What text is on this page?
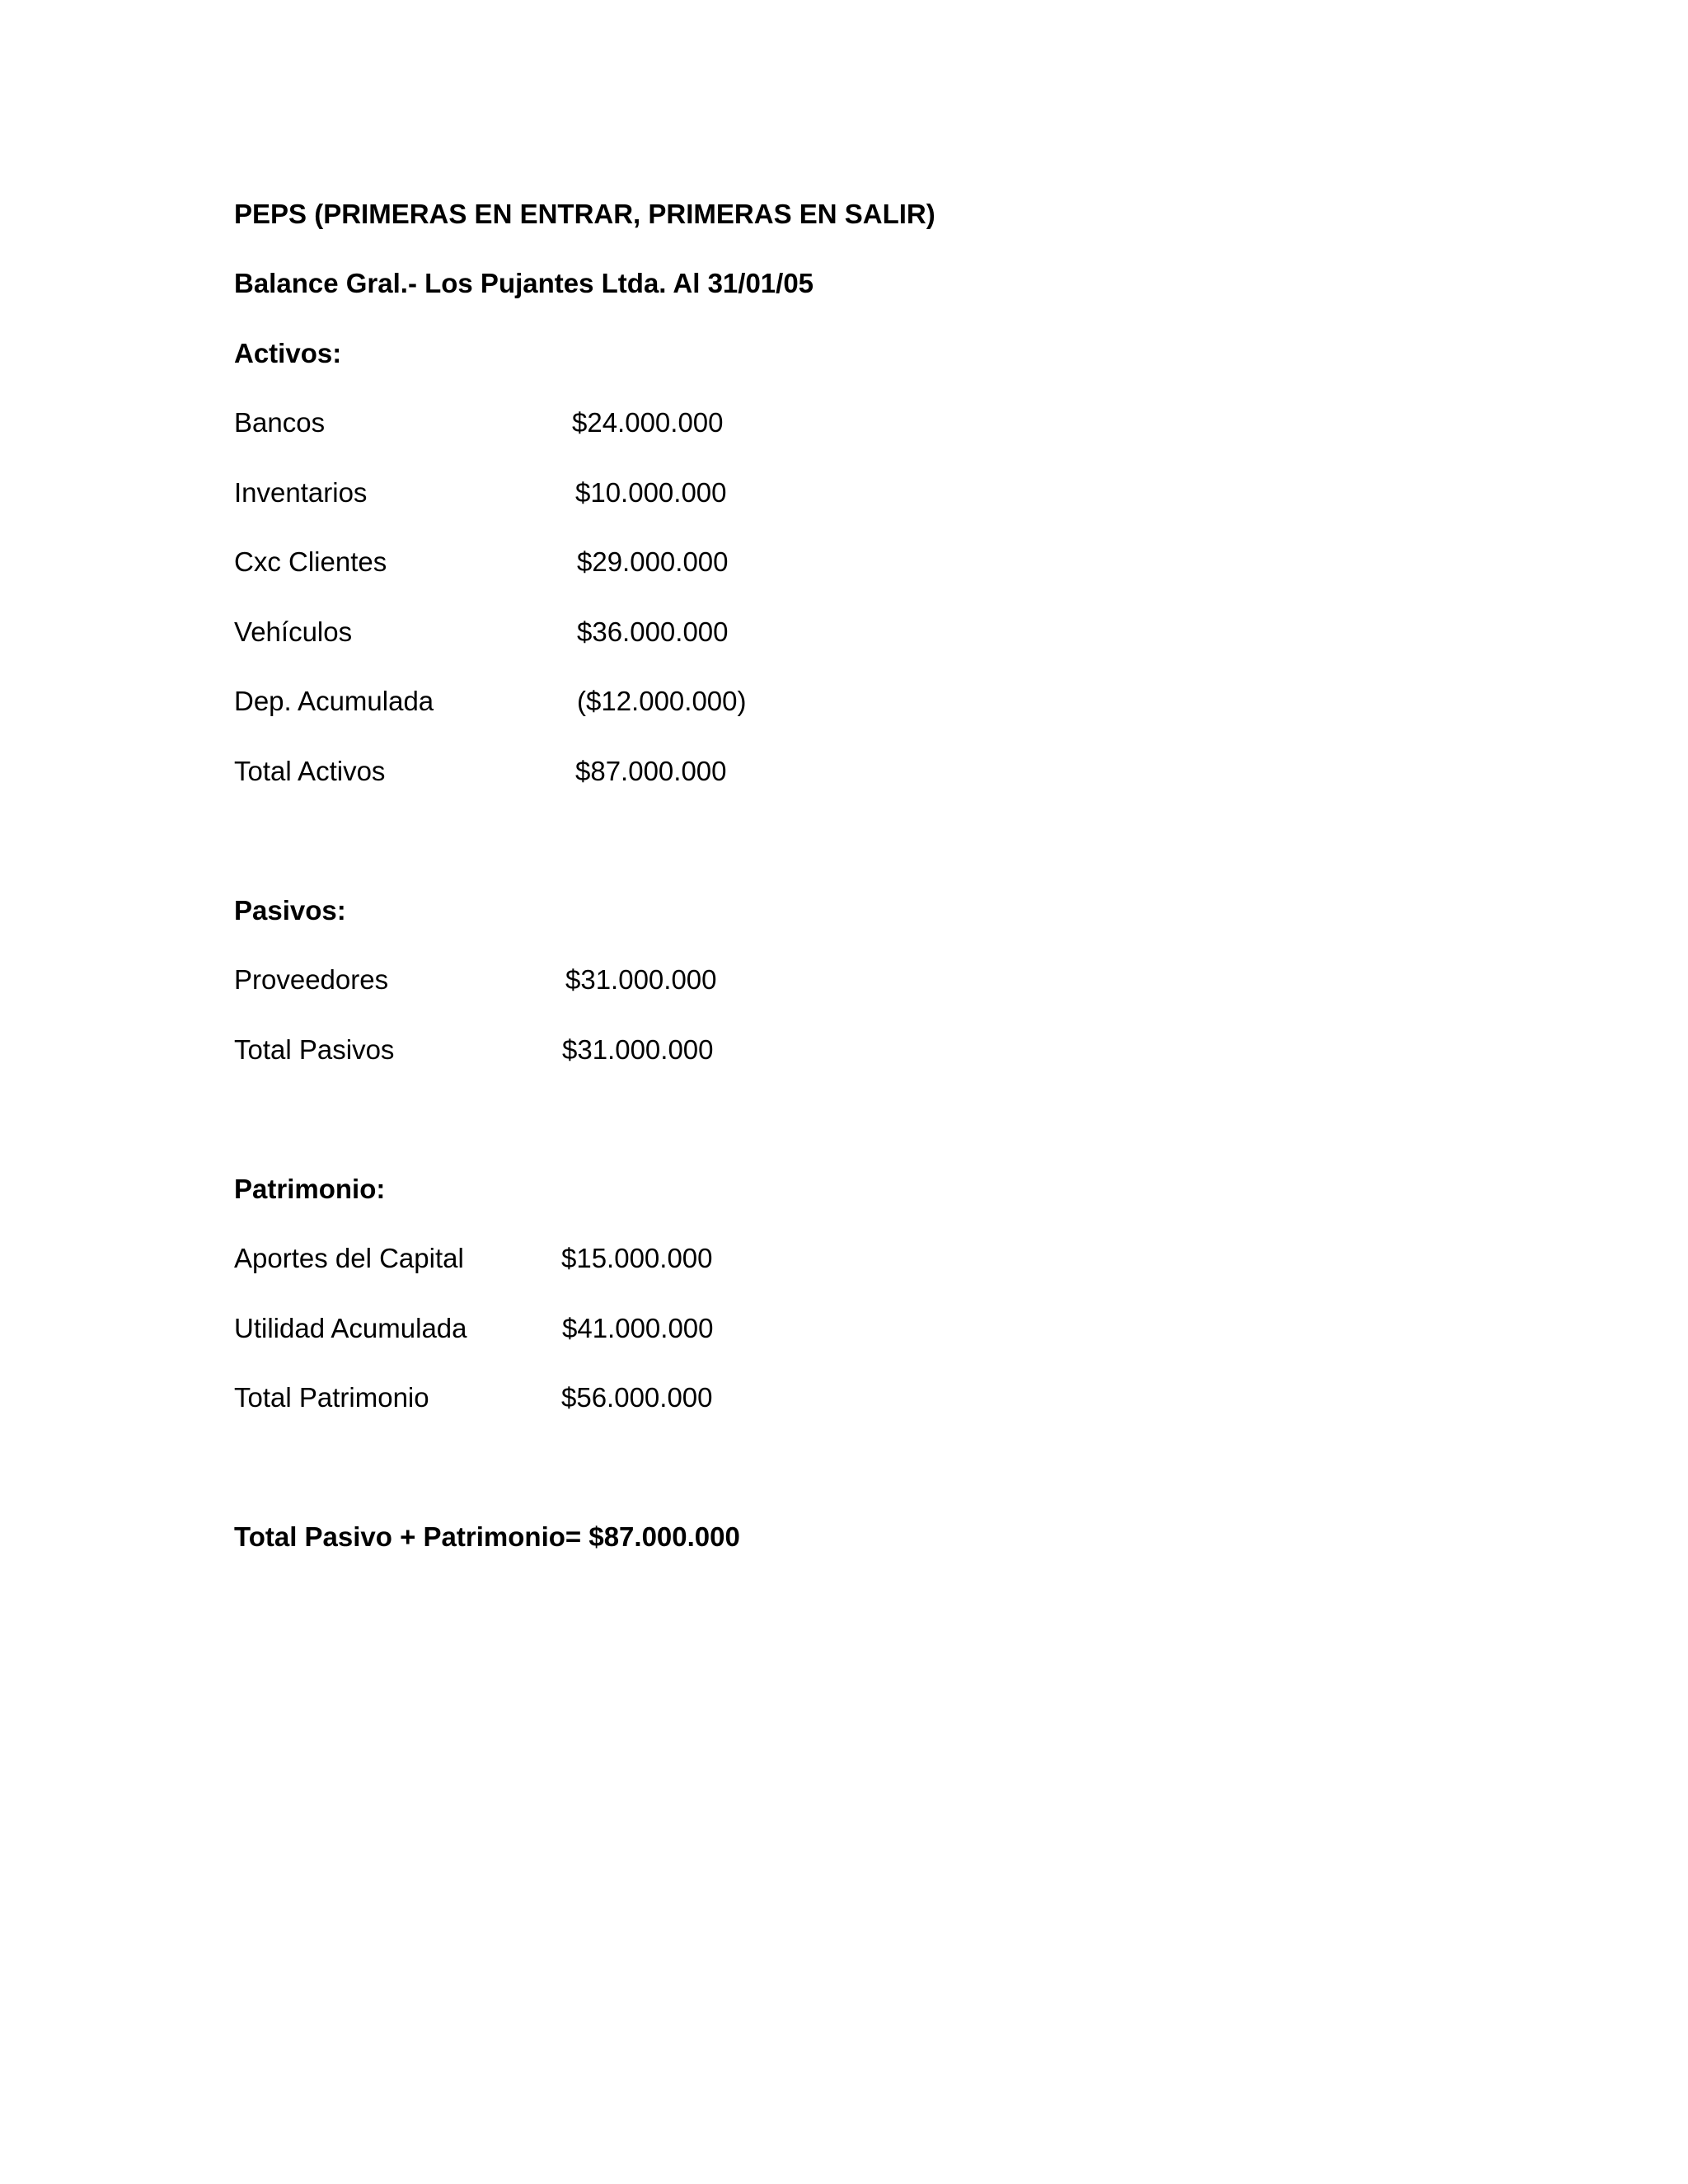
PEPS (PRIMERAS EN ENTRAR, PRIMERAS EN SALIR)
Balance Gral.- Los Pujantes Ltda. Al 31/01/05
Activos:
Bancos	$24.000.000
Inventarios	$10.000.000
Cxc Clientes	$29.000.000
Vehículos	$36.000.000
Dep. Acumulada	($12.000.000)
Total Activos	$87.000.000
Pasivos:
Proveedores	$31.000.000
Total Pasivos	$31.000.000
Patrimonio:
Aportes del Capital	$15.000.000
Utilidad Acumulada	$41.000.000
Total Patrimonio	$56.000.000
Total Pasivo + Patrimonio= $87.000.000
